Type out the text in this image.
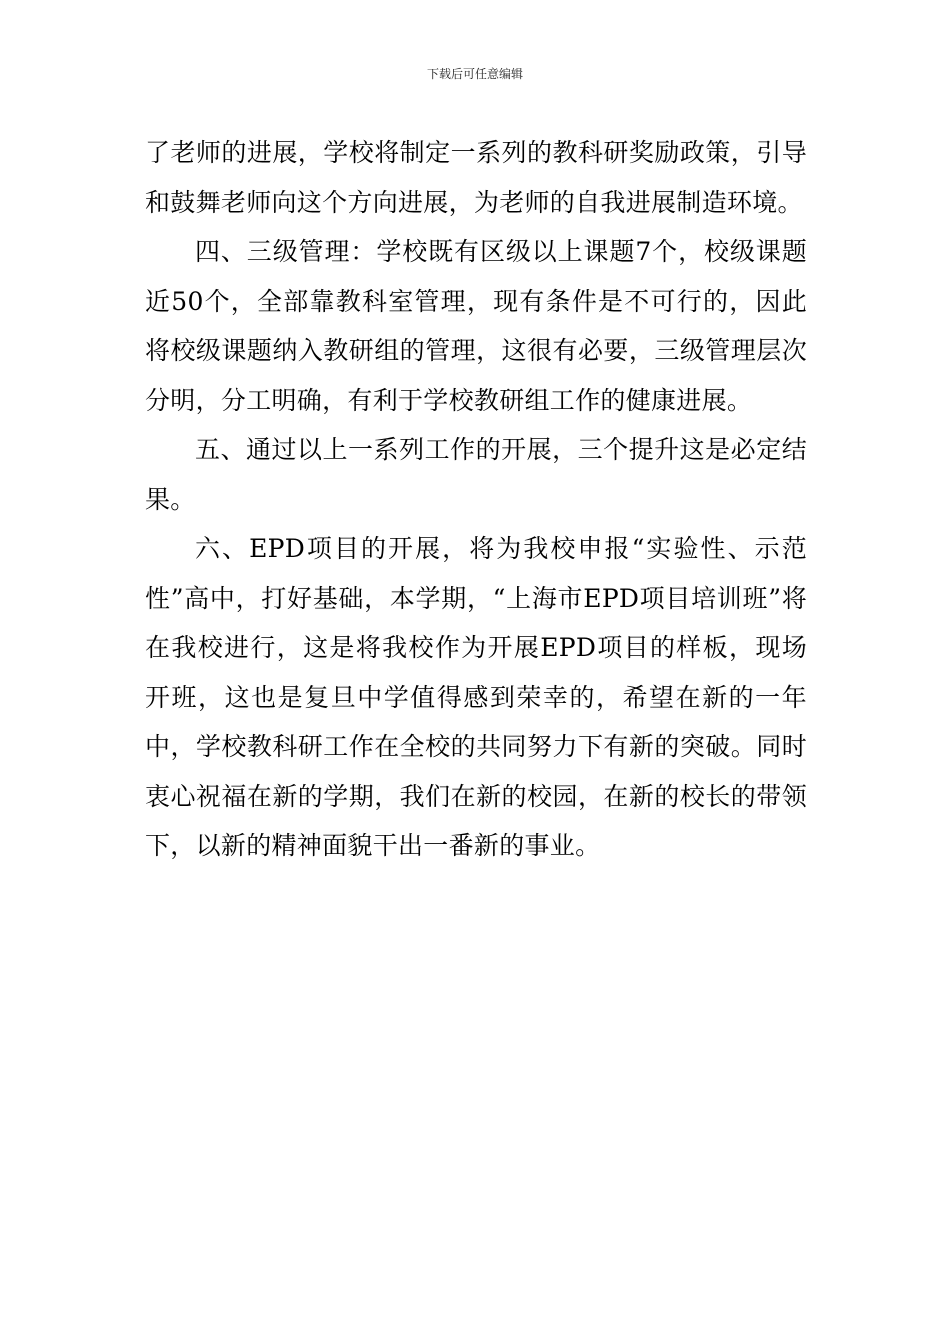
下载后可任意编辑

了老师的进展，学校将制定一系列的教科研奖励政策，引导和鼓舞老师向这个方向进展，为老师的自我进展制造环境。

四、三级管理：学校既有区级以上课题7个，校级课题近50个，全部靠教科室管理，现有条件是不可行的，因此将校级课题纳入教研组的管理，这很有必要，三级管理层次分明，分工明确，有利于学校教研组工作的健康进展。

五、通过以上一系列工作的开展，三个提升这是必定结果。

六、EPD项目的开展，将为我校申报“实验性、示范性”高中，打好基础，本学期，“上海市EPD项目培训班”将在我校进行，这是将我校作为开展EPD项目的样板，现场开班，这也是复旦中学值得感到荣幸的，希望在新的一年中，学校教科研工作在全校的共同努力下有新的突破。同时衷心祝福在新的学期，我们在新的校园，在新的校长的带领下，以新的精神面貌干出一番新的事业。
